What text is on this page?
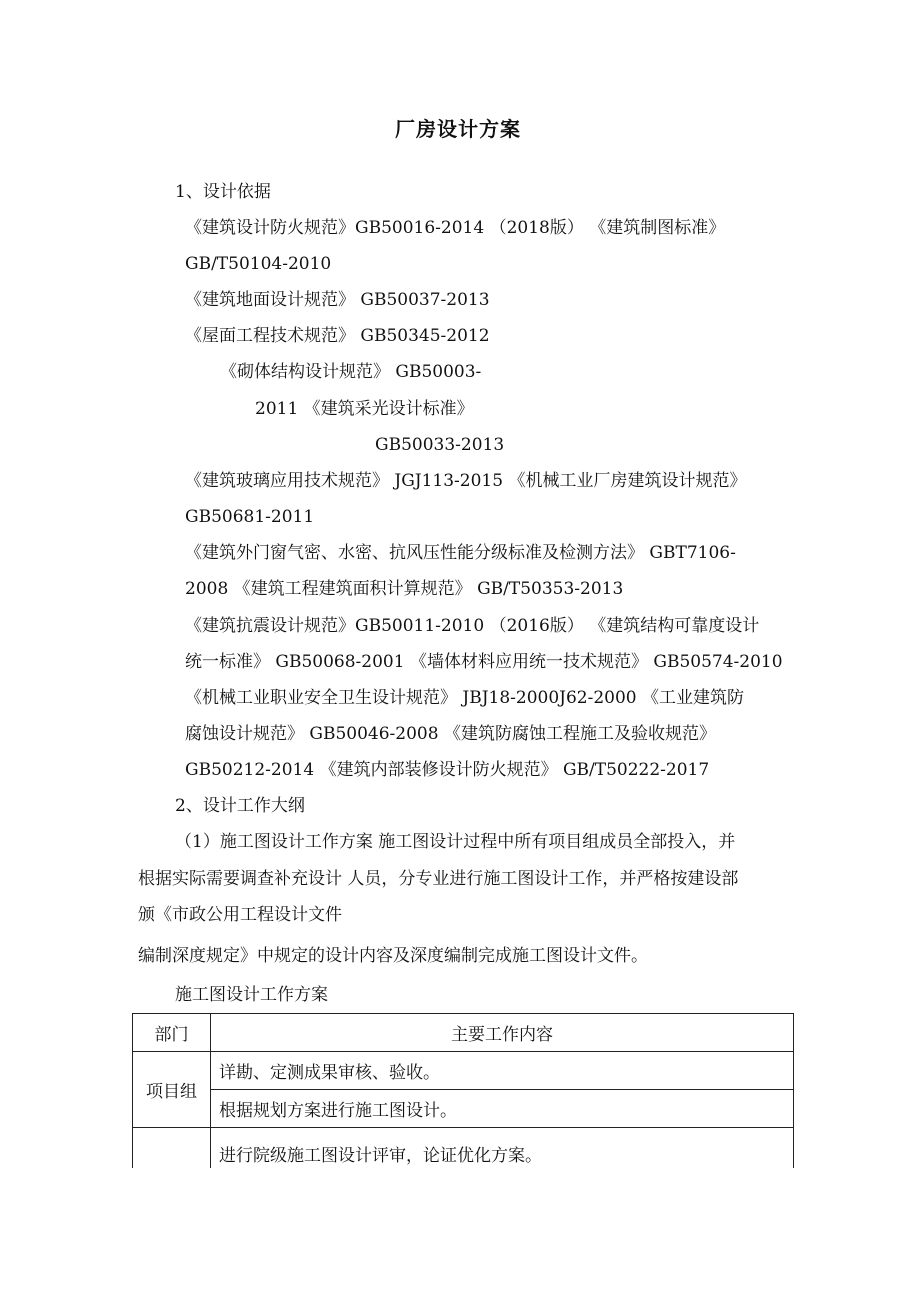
厂房设计方案
1、设计依据
《建筑设计防火规范》GB50016-2014 （2018版） 《建筑制图标准》
GB/T50104-2010
《建筑地面设计规范》 GB50037-2013
《屋面工程技术规范》 GB50345-2012
《砌体结构设计规范》 GB50003-
2011 《建筑采光设计标准》
GB50033-2013
《建筑玻璃应用技术规范》 JGJ113-2015 《机械工业厂房建筑设计规范》
GB50681-2011
《建筑外门窗气密、水密、抗风压性能分级标准及检测方法》 GBT7106-
2008 《建筑工程建筑面积计算规范》 GB/T50353-2013
《建筑抗震设计规范》GB50011-2010 （2016版） 《建筑结构可靠度设计
统一标准》 GB50068-2001 《墙体材料应用统一技术规范》 GB50574-2010
《机械工业职业安全卫生设计规范》 JBJ18-2000J62-2000 《工业建筑防
腐蚀设计规范》 GB50046-2008 《建筑防腐蚀工程施工及验收规范》
GB50212-2014 《建筑内部装修设计防火规范》 GB/T50222-2017
2、设计工作大纲
（1）施工图设计工作方案 施工图设计过程中所有项目组成员全部投入，并
根据实际需要调查补充设计 人员，分专业进行施工图设计工作，并严格按建设部
颁《市政公用工程设计文件
编制深度规定》中规定的设计内容及深度编制完成施工图设计文件。
施工图设计工作方案
部门	主要工作内容
项目组	详勘、定测成果审核、验收。
	根据规划方案进行施工图设计。
	进行院级施工图设计评审，论证优化方案。
